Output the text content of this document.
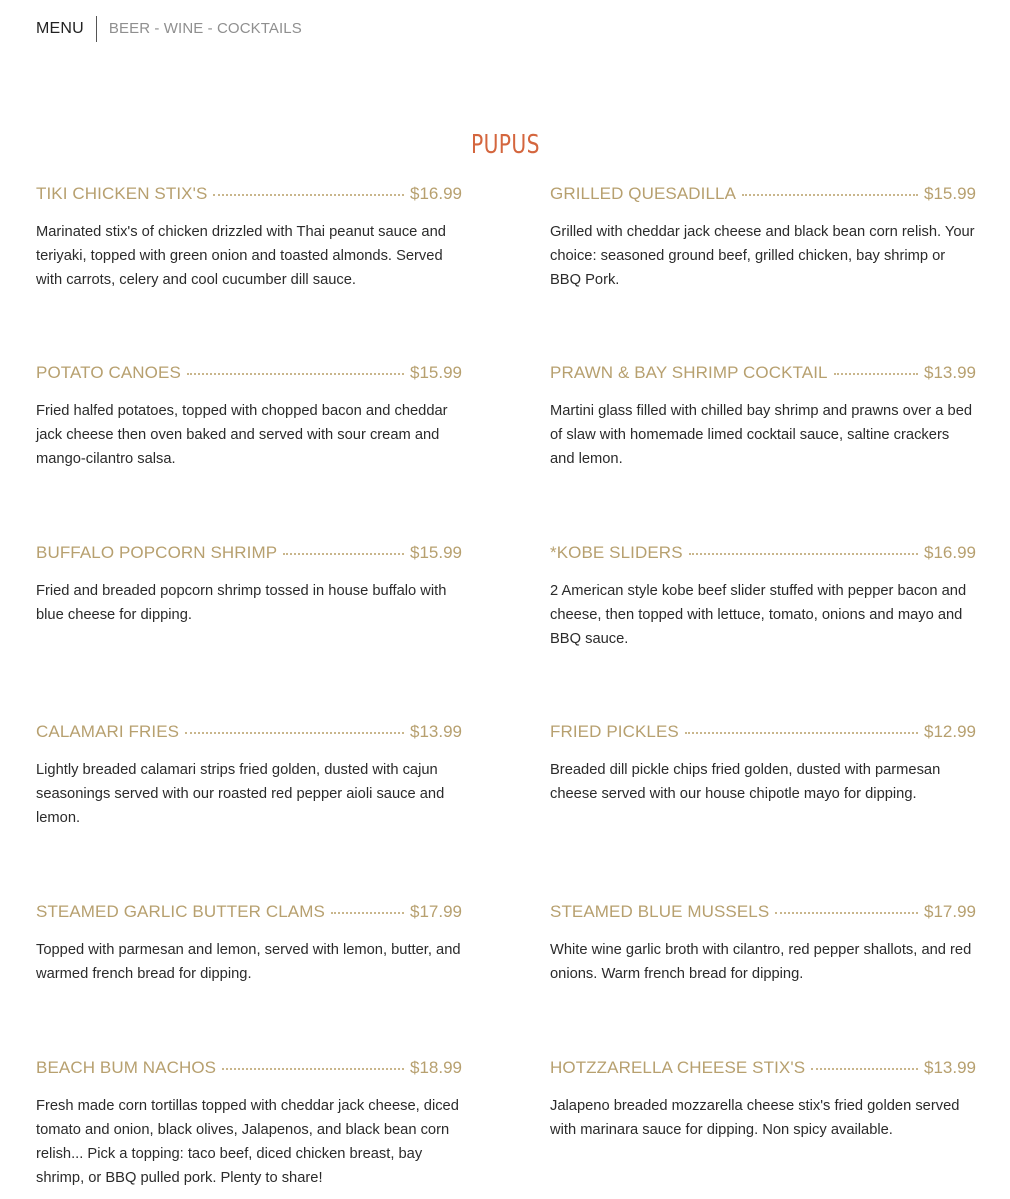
MENU	BEER - WINE - COCKTAILS
PUPUS
TIKI CHICKEN STIX'S	$16.99
Marinated stix's of chicken drizzled with Thai peanut sauce and teriyaki, topped with green onion and toasted almonds. Served with carrots, celery and cool cucumber dill sauce.
GRILLED QUESADILLA	$15.99
Grilled with cheddar jack cheese and black bean corn relish. Your choice: seasoned ground beef, grilled chicken, bay shrimp or BBQ Pork.
POTATO CANOES	$15.99
Fried halfed potatoes, topped with chopped bacon and cheddar jack cheese then oven baked and served with sour cream and mango-cilantro salsa.
PRAWN & BAY SHRIMP COCKTAIL	$13.99
Martini glass filled with chilled bay shrimp and prawns over a bed of slaw with homemade limed cocktail sauce, saltine crackers and lemon.
BUFFALO POPCORN SHRIMP	$15.99
Fried and breaded popcorn shrimp tossed in house buffalo with blue cheese for dipping.
*KOBE SLIDERS	$16.99
2 American style kobe beef slider stuffed with pepper bacon and cheese, then topped with lettuce, tomato, onions and mayo and BBQ sauce.
CALAMARI FRIES	$13.99
Lightly breaded calamari strips fried golden, dusted with cajun seasonings served with our roasted red pepper aioli sauce and lemon.
FRIED PICKLES	$12.99
Breaded dill pickle chips fried golden, dusted with parmesan cheese served with our house chipotle mayo for dipping.
STEAMED GARLIC BUTTER CLAMS	$17.99
Topped with parmesan and lemon, served with lemon, butter, and warmed french bread for dipping.
STEAMED BLUE MUSSELS	$17.99
White wine garlic broth with cilantro, red pepper shallots, and red onions. Warm french bread for dipping.
BEACH BUM NACHOS	$18.99
Fresh made corn tortillas topped with cheddar jack cheese, diced tomato and onion, black olives, Jalapenos, and black bean corn relish... Pick a topping: taco beef, diced chicken breast, bay shrimp, or BBQ pulled pork. Plenty to share!
HOTZZARELLA CHEESE STIX'S	$13.99
Jalapeno breaded mozzarella cheese stix's fried golden served with marinara sauce for dipping. Non spicy available.
